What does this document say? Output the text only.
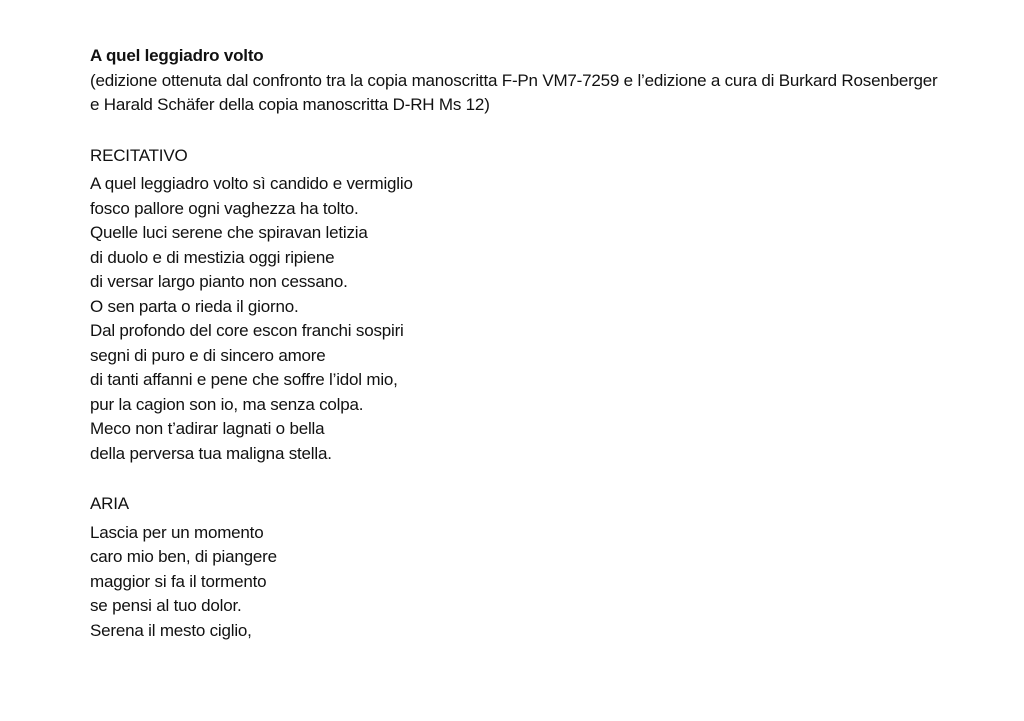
A quel leggiadro volto
(edizione ottenuta dal confronto tra la copia manoscritta F-Pn VM7-7259 e l’edizione a cura di Burkard Rosenberger
e Harald Schäfer della copia manoscritta D-RH Ms 12)
RECITATIVO
A quel leggiadro volto sì candido e vermiglio
fosco pallore ogni vaghezza ha tolto.
Quelle luci serene che spiravan letizia
di duolo e di mestizia oggi ripiene
di versar largo pianto non cessano.
O sen parta o rieda il giorno.
Dal profondo del core escon franchi sospiri
segni di puro e di sincero amore
di tanti affanni e pene che soffre l’idol mio,
pur la cagion son io, ma senza colpa.
Meco non t’adirar lagnati o bella
della perversa tua maligna stella.
ARIA
Lascia per un momento
caro mio ben, di piangere
maggior si fa il tormento
se pensi al tuo dolor.
Serena il mesto ciglio,
